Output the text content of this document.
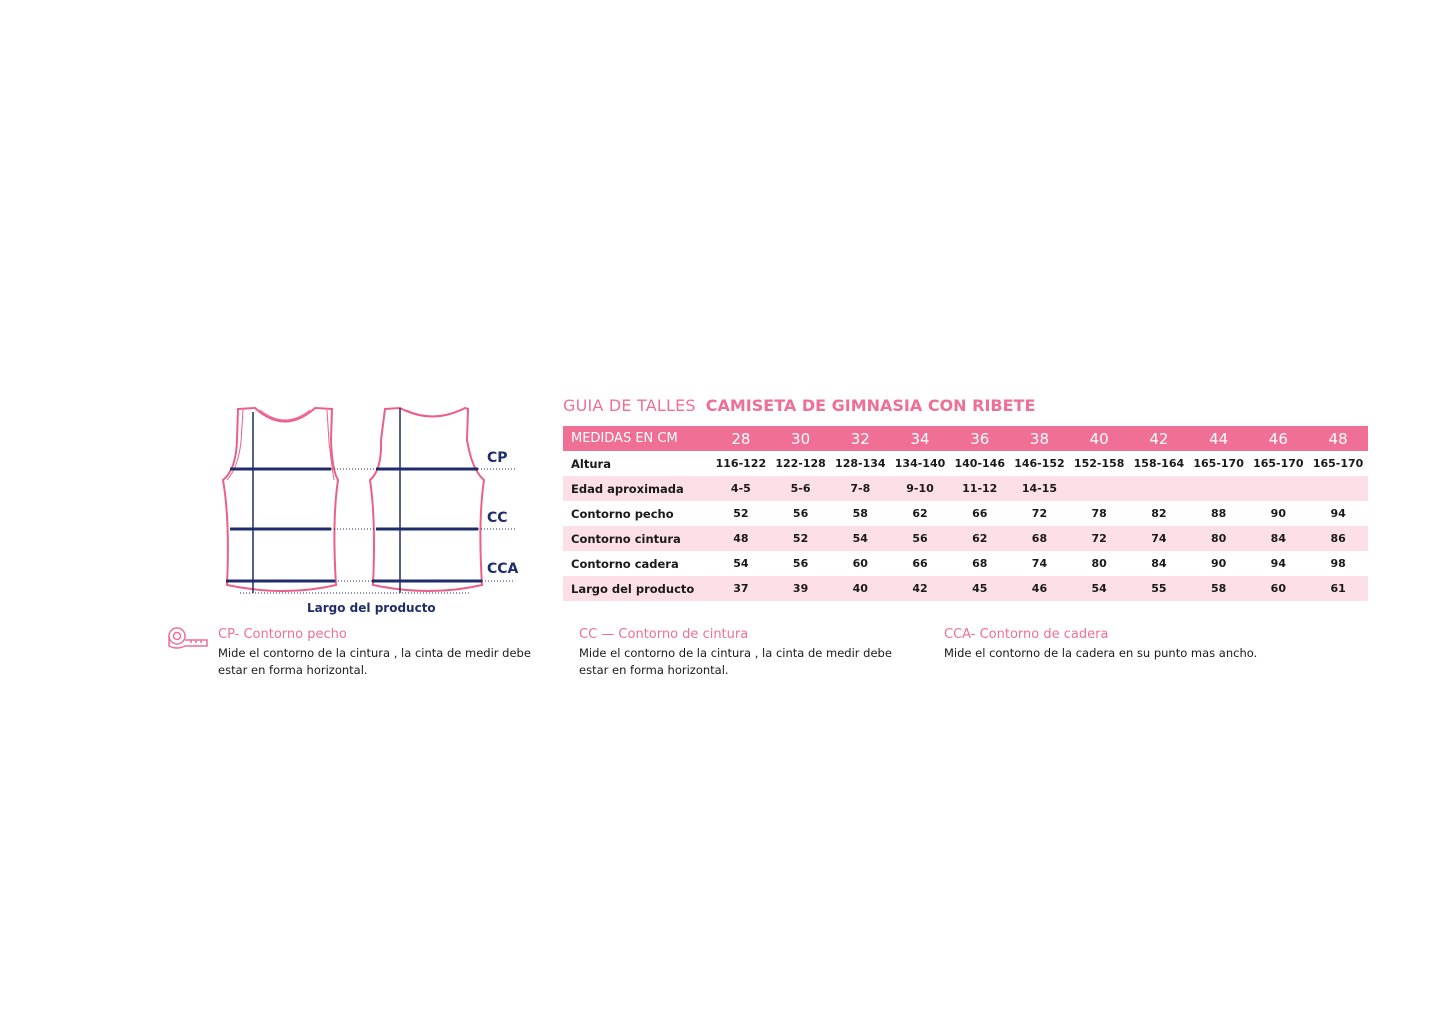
CP
CC
CCA
Largo del producto
GUIA DE TALLES CAMISETA DE GIMNASIA CON RIBETE
MEDIDAS EN CM	28	30	32	34	36	38	40	42	44	46	48
Altura	116-122	122-128	128-134	134-140	140-146	146-152	152-158	158-164	165-170	165-170	165-170
Edad aproximada	4-5	5-6	7-8	9-10	11-12	14-15					
Contorno pecho	52	56	58	62	66	72	78	82	88	90	94
Contorno cintura	48	52	54	56	62	68	72	74	80	84	86
Contorno cadera	54	56	60	66	68	74	80	84	90	94	98
Largo del producto	37	39	40	42	45	46	54	55	58	60	61
CP- Contorno pecho
Mide el contorno de la cintura , la cinta de medir debe estar en forma horizontal.
CC — Contorno de cintura
Mide el contorno de la cintura , la cinta de medir debe estar en forma horizontal.
CCA- Contorno de cadera
Mide el contorno de la cadera en su punto mas ancho.
